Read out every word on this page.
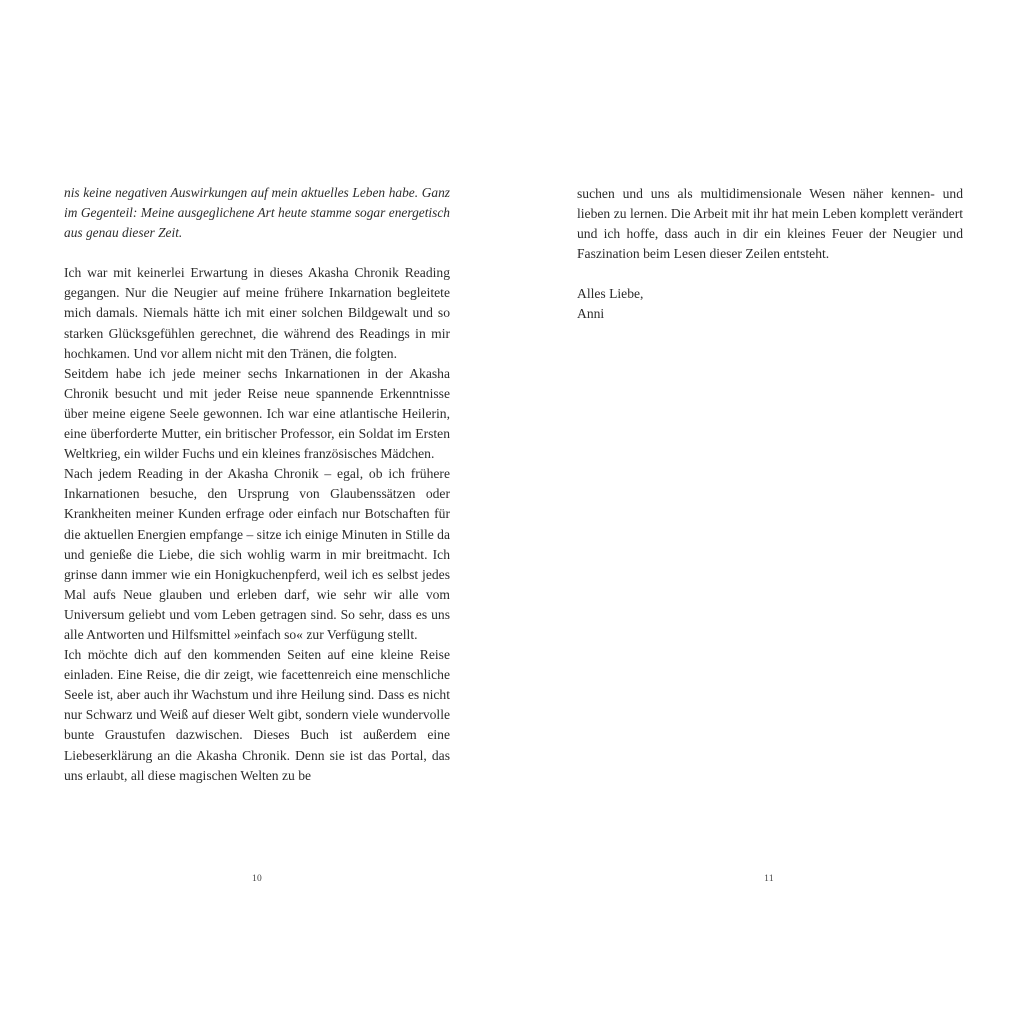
nis keine negativen Auswirkungen auf mein aktuelles Leben habe. Ganz im Gegenteil: Meine ausgeglichene Art heute stamme sogar energetisch aus genau dieser Zeit.

Ich war mit keinerlei Erwartung in dieses Akasha Chronik Reading gegangen. Nur die Neugier auf meine frühere Inkarnation begleitete mich damals. Niemals hätte ich mit einer solchen Bildgewalt und so starken Glücksgefühlen gerechnet, die während des Readings in mir hochkamen. Und vor allem nicht mit den Tränen, die folgten.

Seitdem habe ich jede meiner sechs Inkarnationen in der Akasha Chronik besucht und mit jeder Reise neue spannende Erkenntnisse über meine eigene Seele gewonnen. Ich war eine atlantische Heilerin, eine überforderte Mutter, ein britischer Professor, ein Soldat im Ersten Weltkrieg, ein wilder Fuchs und ein kleines französisches Mädchen.

Nach jedem Reading in der Akasha Chronik – egal, ob ich frühere Inkarnationen besuche, den Ursprung von Glaubenssätzen oder Krankheiten meiner Kunden erfrage oder einfach nur Botschaften für die aktuellen Energien empfange – sitze ich einige Minuten in Stille da und genieße die Liebe, die sich wohlig warm in mir breitmacht. Ich grinse dann immer wie ein Honigkuchenpferd, weil ich es selbst jedes Mal aufs Neue glauben und erleben darf, wie sehr wir alle vom Universum geliebt und vom Leben getragen sind. So sehr, dass es uns alle Antworten und Hilfsmittel »einfach so« zur Verfügung stellt.

Ich möchte dich auf den kommenden Seiten auf eine kleine Reise einladen. Eine Reise, die dir zeigt, wie facettenreich eine menschliche Seele ist, aber auch ihr Wachstum und ihre Heilung sind. Dass es nicht nur Schwarz und Weiß auf dieser Welt gibt, sondern viele wundervolle bunte Graustufen dazwischen. Dieses Buch ist außerdem eine Liebeserklärung an die Akasha Chronik. Denn sie ist das Portal, das uns erlaubt, all diese magischen Welten zu be

10

suchen und uns als multidimensionale Wesen näher kennen- und lieben zu lernen. Die Arbeit mit ihr hat mein Leben komplett verändert und ich hoffe, dass auch in dir ein kleines Feuer der Neugier und Faszination beim Lesen dieser Zeilen entsteht.

Alles Liebe,

Anni

11
